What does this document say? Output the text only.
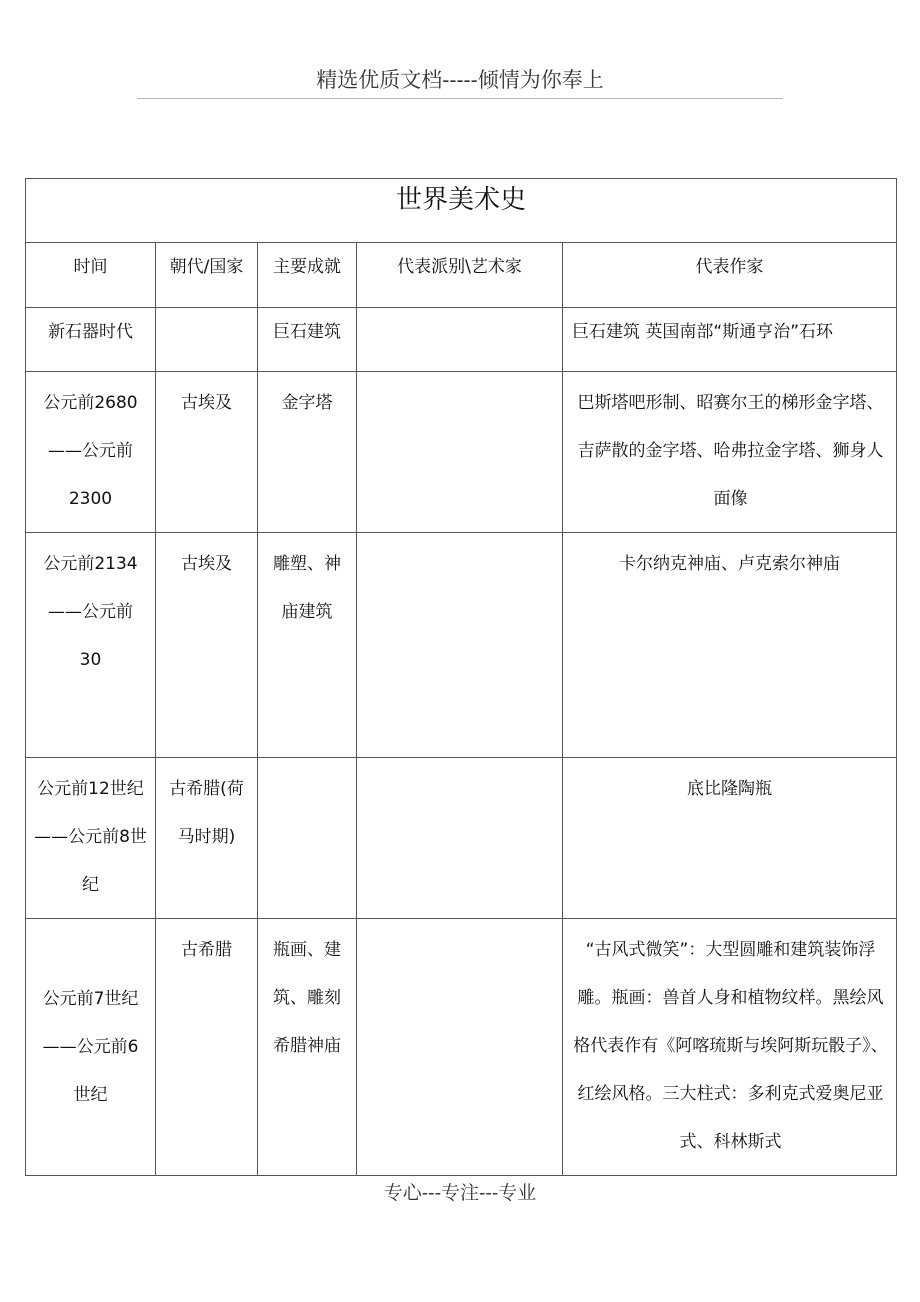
精选优质文档-----倾情为你奉上
世界美术史				
时间	朝代/国家	主要成就	代表派别\艺术家	代表作家
新石器时代		巨石建筑		巨石建筑 英国南部“斯通亨治”石环
公元前2680——公元前2300	古埃及	金字塔		巴斯塔吧形制、昭赛尔王的梯形金字塔、吉萨散的金字塔、哈弗拉金字塔、狮身人面像
公元前2134——公元前30	古埃及	雕塑、神庙建筑		卡尔纳克神庙、卢克索尔神庙
公元前12世纪——公元前8世纪	古希腊(荷马时期)			底比隆陶瓶
公元前7世纪——公元前6世纪	古希腊	瓶画、建筑、雕刻希腊神庙		“古风式微笑”：大型圆雕和建筑装饰浮雕。瓶画：兽首人身和植物纹样。黑绘风格代表作有《阿喀琉斯与埃阿斯玩骰子》、红绘风格。三大柱式：多利克式爱奥尼亚式、科林斯式
专心---专注---专业
